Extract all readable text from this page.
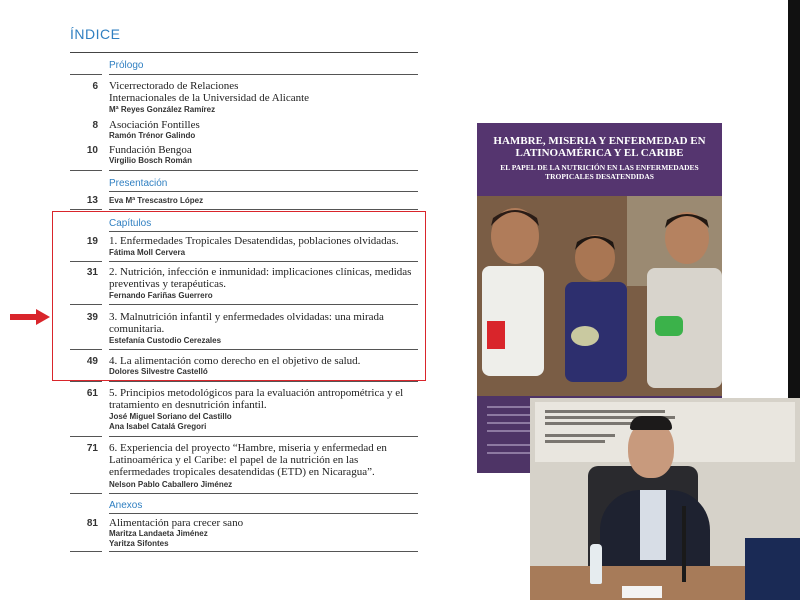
ÍNDICE
Prólogo
6 Vicerrectorado de Relaciones
Internacionales de la Universidad de Alicante
Mª Reyes González Ramírez
8 Asociación Fontilles
Ramón Trénor Galindo
10 Fundación Bengoa
Virgilio Bosch Román
Presentación
13 Eva Mª Trescastro López
Capítulos
19 1. Enfermedades Tropicales Desatendidas, poblaciones olvidadas.
Fátima Moll Cervera
31 2. Nutrición, infección e inmunidad: implicaciones clínicas, medidas preventivas y terapéuticas.
Fernando Fariñas Guerrero
39 3. Malnutrición infantil y enfermedades olvidadas: una mirada comunitaria.
Estefanía Custodio Cerezales
49 4. La alimentación como derecho en el objetivo de salud.
Dolores Silvestre Castelló
61 5. Principios metodológicos para la evaluación antropométrica y el tratamiento en desnutrición infantil.
José Miguel Soriano del Castillo
Ana Isabel Catalá Gregori
71 6. Experiencia del proyecto “Hambre, miseria y enfermedad en Latinoamérica y el Caribe: el papel de la nutrición en las enfermedades tropicales desatendidas (ETD) en Nicaragua”.
Nelson Pablo Caballero Jiménez
Anexos
81 Alimentación para crecer sano
Maritza Landaeta Jiménez
Yaritza Sifontes
HAMBRE, MISERIA Y ENFERMEDAD EN LATINOAMÉRICA Y EL CARIBE
EL PAPEL DE LA NUTRICIÓN EN LAS ENFERMEDADES TROPICALES DESATENDIDAS
